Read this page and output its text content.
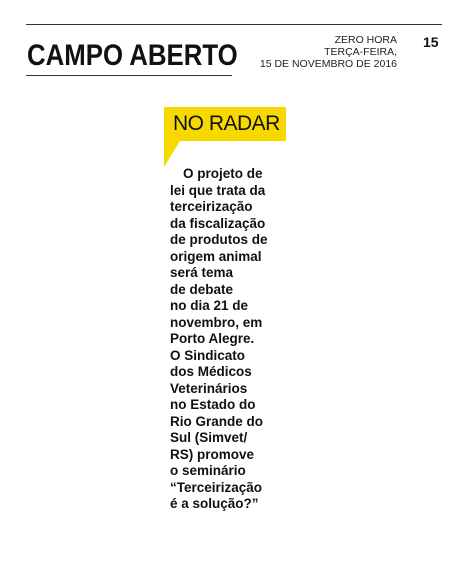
CAMPO ABERTO	ZERO HORA
TERÇA-FEIRA,
15 DE NOVEMBRO DE 2016
15
NO RADAR

O projeto de
lei que trata da
terceirização
da fiscalização
de produtos de
origem animal
será tema
de debate
no dia 21 de
novembro, em
Porto Alegre.
O Sindicato
dos Médicos
Veterinários
no Estado do
Rio Grande do
Sul (Simvet/
RS) promove
o seminário
“Terceirização
é a solução?”
